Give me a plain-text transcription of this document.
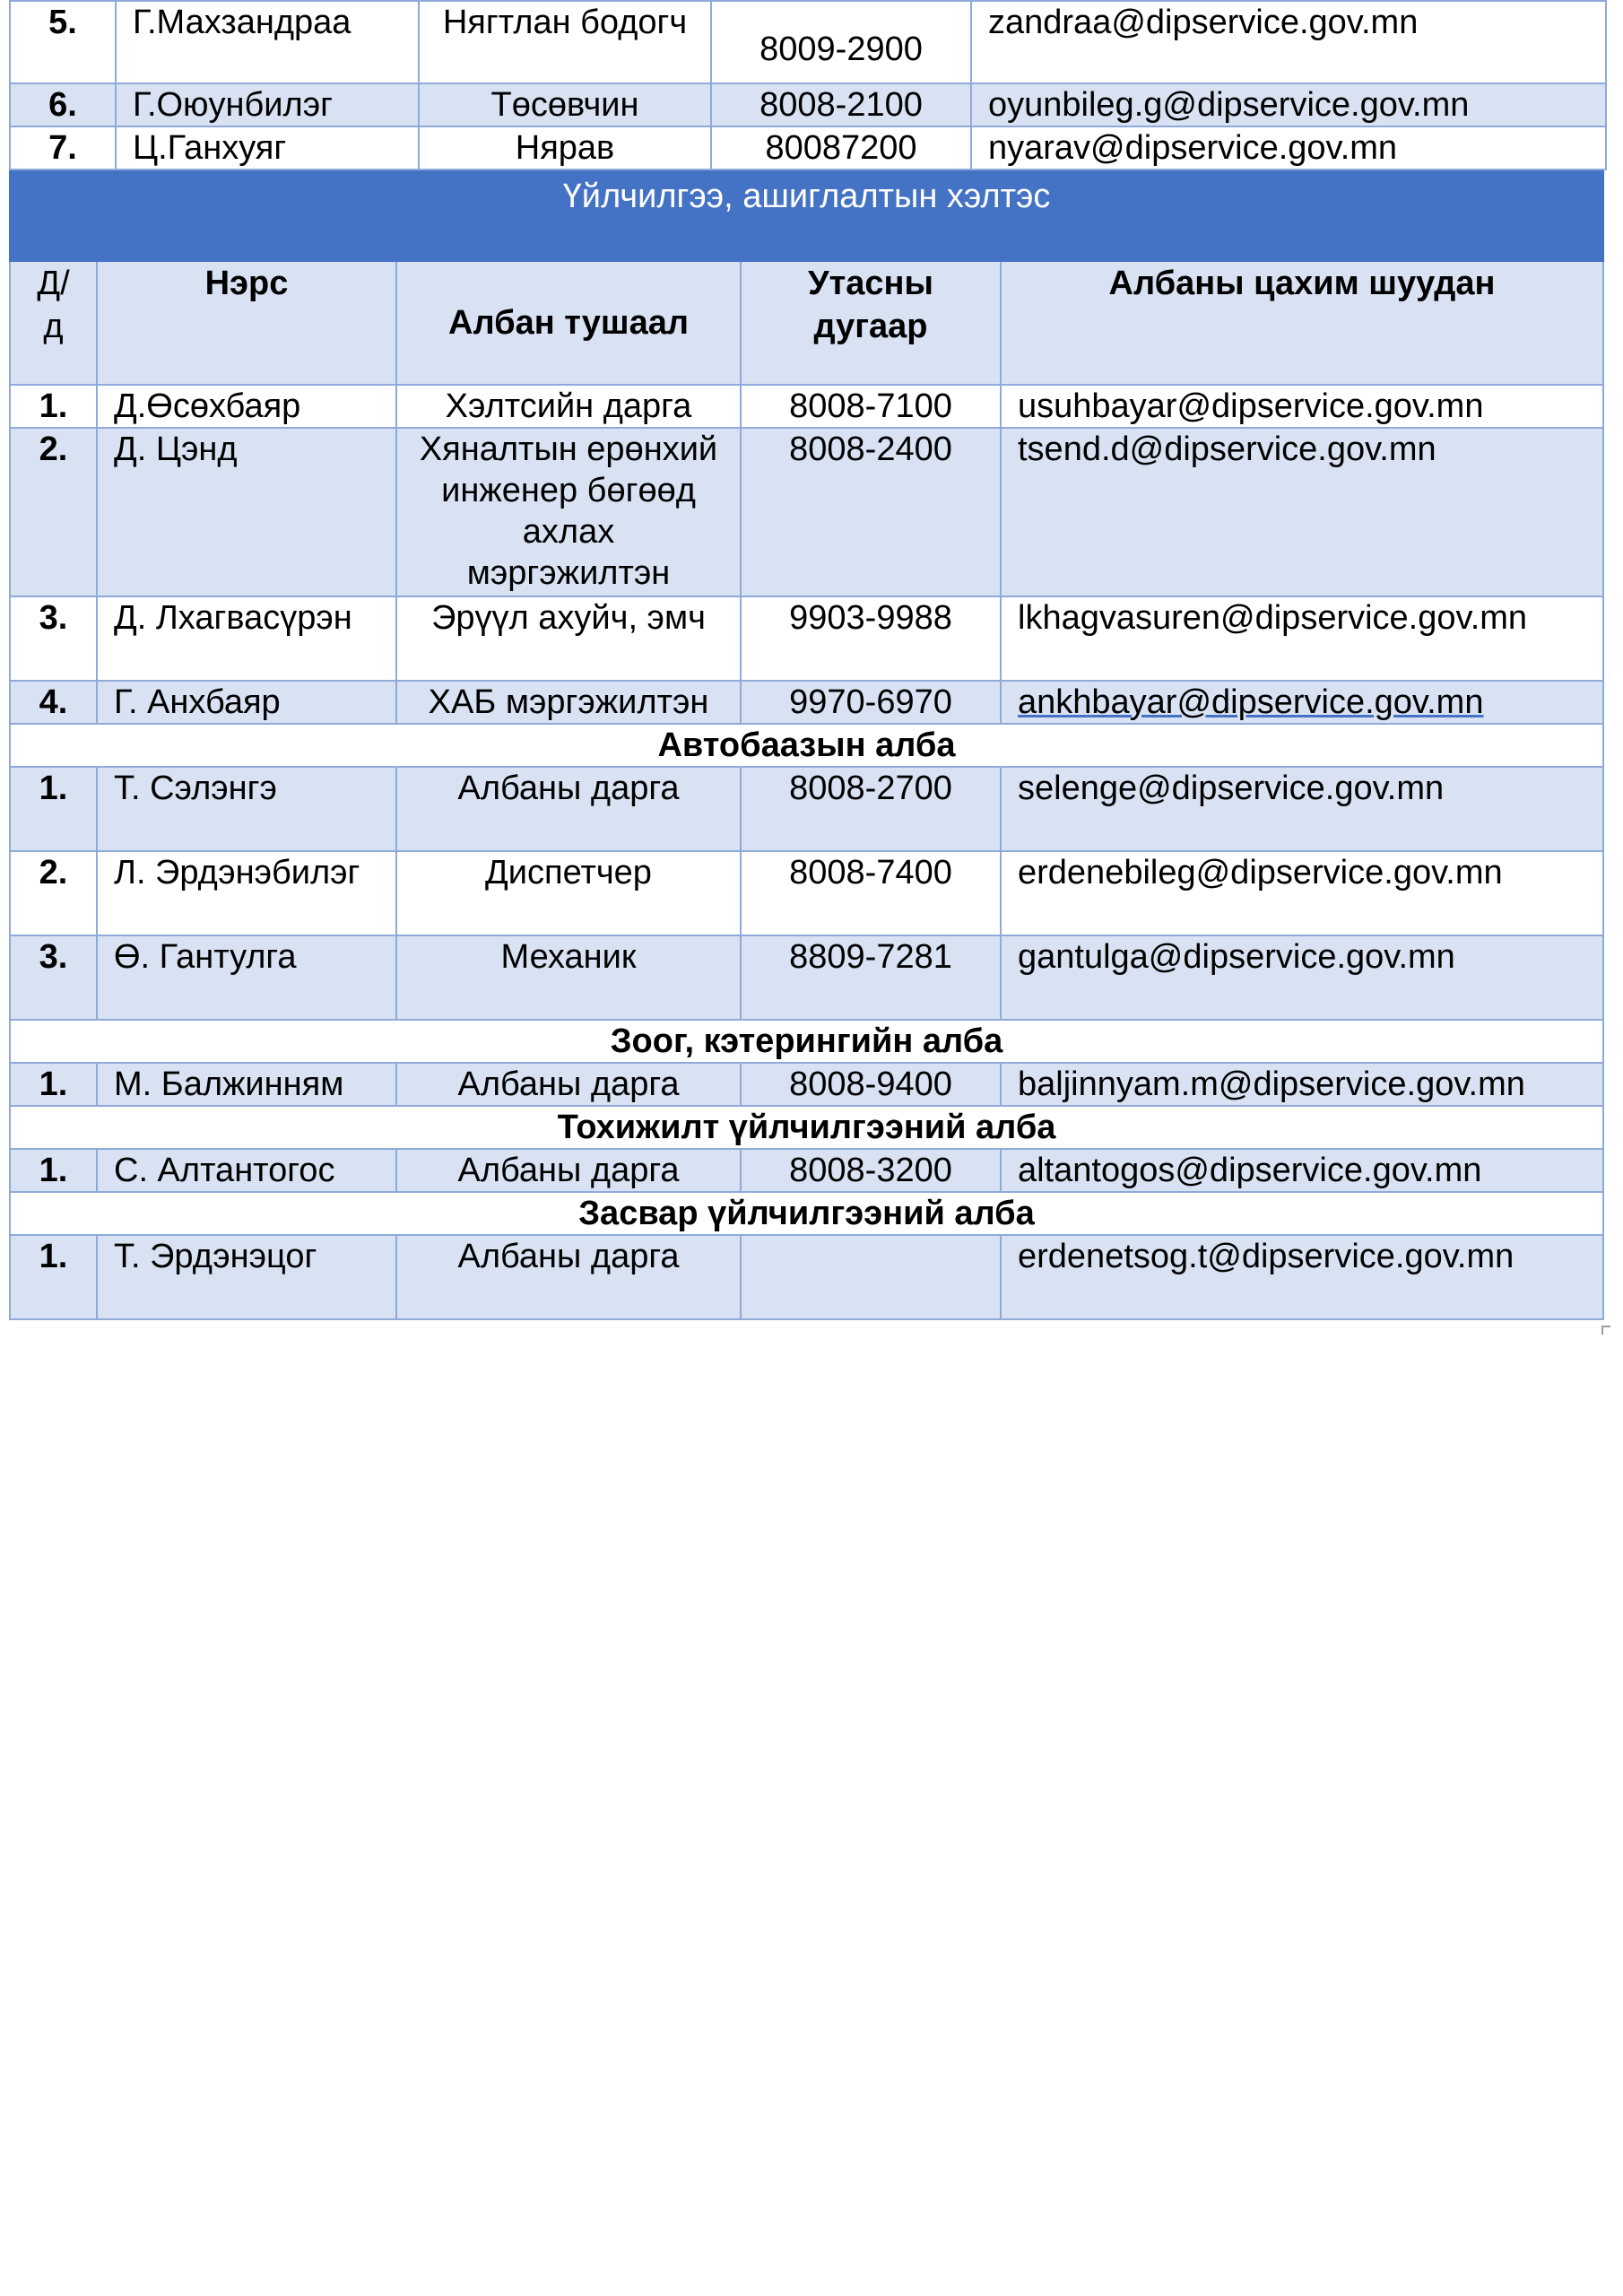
5.	Г.Махзандраа	Нягтлан бодогч	8009-2900	zandraa@dipservice.gov.mn
6.	Г.Оюунбилэг	Төсөвчин	8008-2100	oyunbileg.g@dipservice.gov.mn
7.	Ц.Ганхуяг	Нярав	80087200	nyarav@dipservice.gov.mn
Үйлчилгээ, ашиглалтын хэлтэс				
Д/ д	Нэрс	Албан тушаал	Утасны дугаар	Албаны цахим шуудан
1.	Д.Өсөхбаяр	Хэлтсийн дарга	8008-7100	usuhbayar@dipservice.gov.mn
2.	Д. Цэнд	Хяналтын ерөнхий инженер бөгөөд ахлах мэргэжилтэн	8008-2400	tsend.d@dipservice.gov.mn
3.	Д. Лхагвасүрэн	Эрүүл ахуйч, эмч	9903-9988	lkhagvasuren@dipservice.gov.mn
4.	Г. Анхбаяр	ХАБ мэргэжилтэн	9970-6970	ankhbayar@dipservice.gov.mn
Автобаазын алба				
1.	Т. Сэлэнгэ	Албаны дарга	8008-2700	selenge@dipservice.gov.mn
2.	Л. Эрдэнэбилэг	Диспетчер	8008-7400	erdenebileg@dipservice.gov.mn
3.	Ө. Гантулга	Механик	8809-7281	gantulga@dipservice.gov.mn
Зоог, кэтерингийн алба				
1.	М. Балжинням	Албаны дарга	8008-9400	baljinnyam.m@dipservice.gov.mn
Тохижилт үйлчилгээний алба				
1.	С. Алтантогос	Албаны дарга	8008-3200	altantogos@dipservice.gov.mn
Засвар үйлчилгээний алба				
1.	Т. Эрдэнэцог	Албаны дарга		erdenetsog.t@dipservice.gov.mn
